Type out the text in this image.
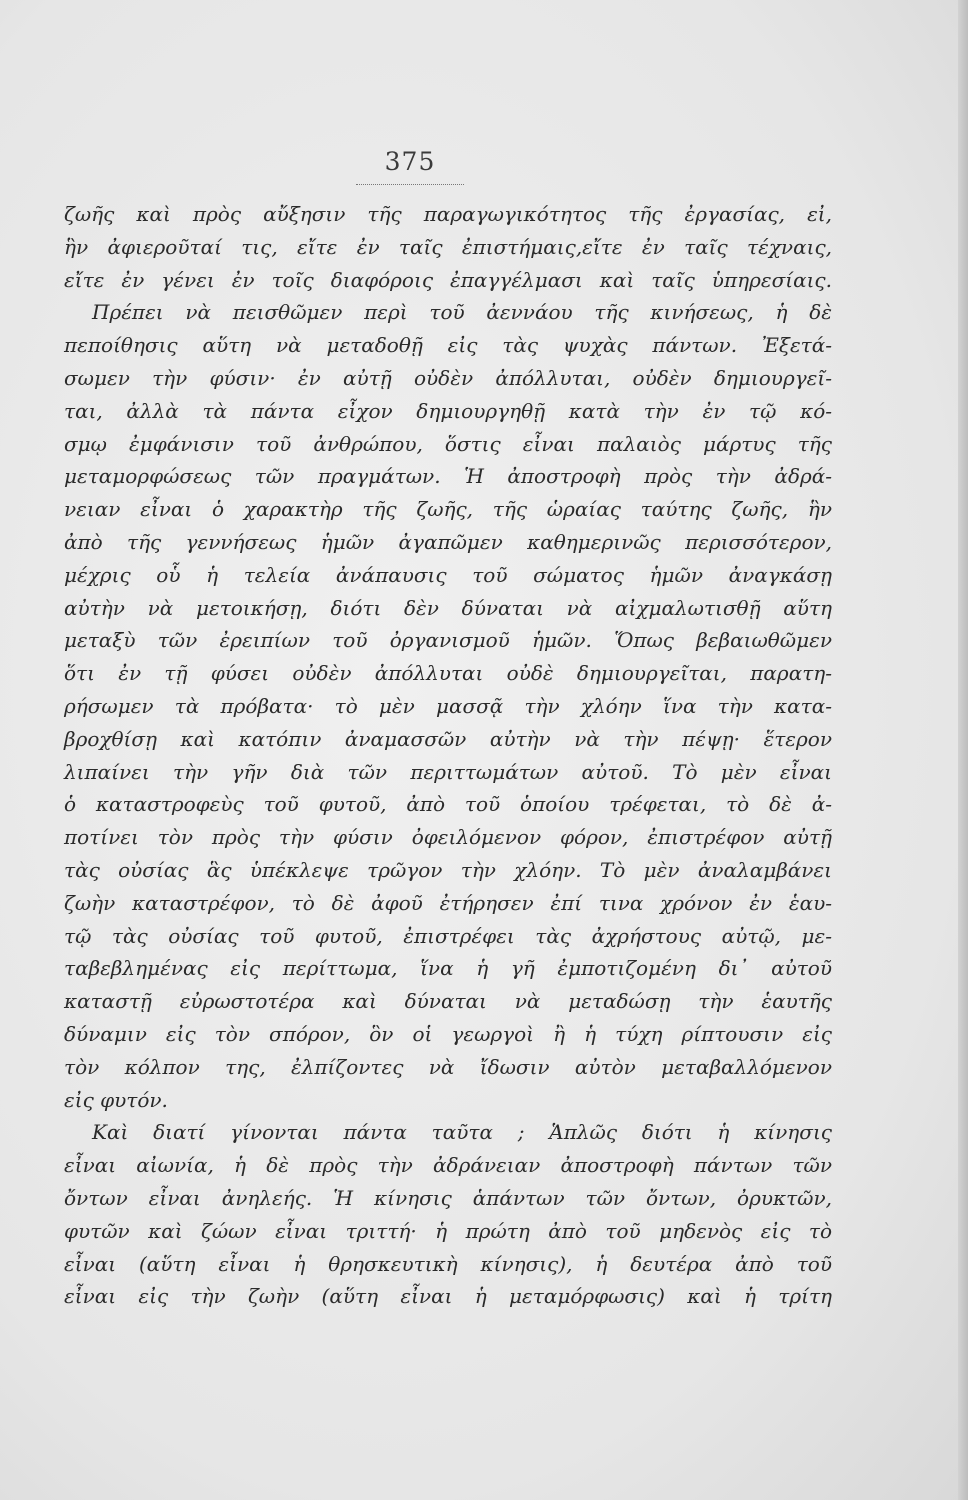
375
ζωῆς καὶ πρὸς αὔξησιν τῆς παραγωγικότητος τῆς ἐργασίας, εἰ,
ἣν ἀφιεροῦταί τις, εἴτε ἐν ταῖς ἐπιστήμαις,εἴτε ἐν ταῖς τέχναις,
εἴτε ἐν γένει ἐν τοῖς διαφόροις ἐπαγγέλμασι καὶ ταῖς ὑπηρεσίαις.
Πρέπει νὰ πεισθῶμεν περὶ τοῦ ἀεννάου τῆς κινήσεως, ἡ δὲ
πεποίθησις αὕτη νὰ μεταδοθῇ εἰς τὰς ψυχὰς πάντων. Ἐξετά-
σωμεν τὴν φύσιν· ἐν αὐτῇ οὐδὲν ἀπόλλυται, οὐδὲν δημιουργεῖ-
ται, ἀλλὰ τὰ πάντα εἶχον δημιουργηθῇ κατὰ τὴν ἐν τῷ κό-
σμῳ ἐμφάνισιν τοῦ ἀνθρώπου, ὅστις εἶναι παλαιὸς μάρτυς τῆς
μεταμορφώσεως τῶν πραγμάτων. Ἡ ἀποστροφὴ πρὸς τὴν ἀδρά-
νειαν εἶναι ὁ χαρακτὴρ τῆς ζωῆς, τῆς ὡραίας ταύτης ζωῆς, ἣν
ἀπὸ τῆς γεννήσεως ἡμῶν ἀγαπῶμεν καθημερινῶς περισσότερον,
μέχρις οὗ ἡ τελεία ἀνάπαυσις τοῦ σώματος ἡμῶν ἀναγκάσῃ
αὐτὴν νὰ μετοικήσῃ, διότι δὲν δύναται νὰ αἰχμαλωτισθῇ αὕτη
μεταξὺ τῶν ἐρειπίων τοῦ ὀργανισμοῦ ἡμῶν. Ὅπως βεβαιωθῶμεν
ὅτι ἐν τῇ φύσει οὐδὲν ἀπόλλυται οὐδὲ δημιουργεῖται, παρατη-
ρήσωμεν τὰ πρόβατα· τὸ μὲν μασσᾷ τὴν χλόην ἵνα τὴν κατα-
βροχθίσῃ καὶ κατόπιν ἀναμασσῶν αὐτὴν νὰ τὴν πέψῃ· ἕτερον
λιπαίνει τὴν γῆν διὰ τῶν περιττωμάτων αὐτοῦ. Τὸ μὲν εἶναι
ὁ καταστροφεὺς τοῦ φυτοῦ, ἀπὸ τοῦ ὁποίου τρέφεται, τὸ δὲ ἀ-
ποτίνει τὸν πρὸς τὴν φύσιν ὀφειλόμενον φόρον, ἐπιστρέφον αὐτῇ
τὰς οὐσίας ἃς ὑπέκλεψε τρῶγον τὴν χλόην. Τὸ μὲν ἀναλαμβάνει
ζωὴν καταστρέφον, τὸ δὲ ἀφοῦ ἐτήρησεν ἐπί τινα χρόνον ἐν ἑαυ-
τῷ τὰς οὐσίας τοῦ φυτοῦ, ἐπιστρέφει τὰς ἀχρήστους αὐτῷ, με-
ταβεβλημένας εἰς περίττωμα, ἵνα ἡ γῆ ἐμποτιζομένη δι᾽ αὐτοῦ
καταστῇ εὐρωστοτέρα καὶ δύναται νὰ μεταδώσῃ τὴν ἑαυτῆς
δύναμιν εἰς τὸν σπόρον, ὃν οἱ γεωργοὶ ἢ ἡ τύχη ρίπτουσιν εἰς
τὸν κόλπον της, ἐλπίζοντες νὰ ἴδωσιν αὐτὸν μεταβαλλόμενον
εἰς φυτόν.
Καὶ διατί γίνονται πάντα ταῦτα ; Ἁπλῶς διότι ἡ κίνησις
εἶναι αἰωνία, ἡ δὲ πρὸς τὴν ἀδράνειαν ἀποστροφὴ πάντων τῶν
ὄντων εἶναι ἀνηλεής. Ἡ κίνησις ἁπάντων τῶν ὄντων, ὀρυκτῶν,
φυτῶν καὶ ζώων εἶναι τριττή· ἡ πρώτη ἀπὸ τοῦ μηδενὸς εἰς τὸ
εἶναι (αὕτη εἶναι ἡ θρησκευτικὴ κίνησις), ἡ δευτέρα ἀπὸ τοῦ
εἶναι εἰς τὴν ζωὴν (αὕτη εἶναι ἡ μεταμόρφωσις) καὶ ἡ τρίτη
